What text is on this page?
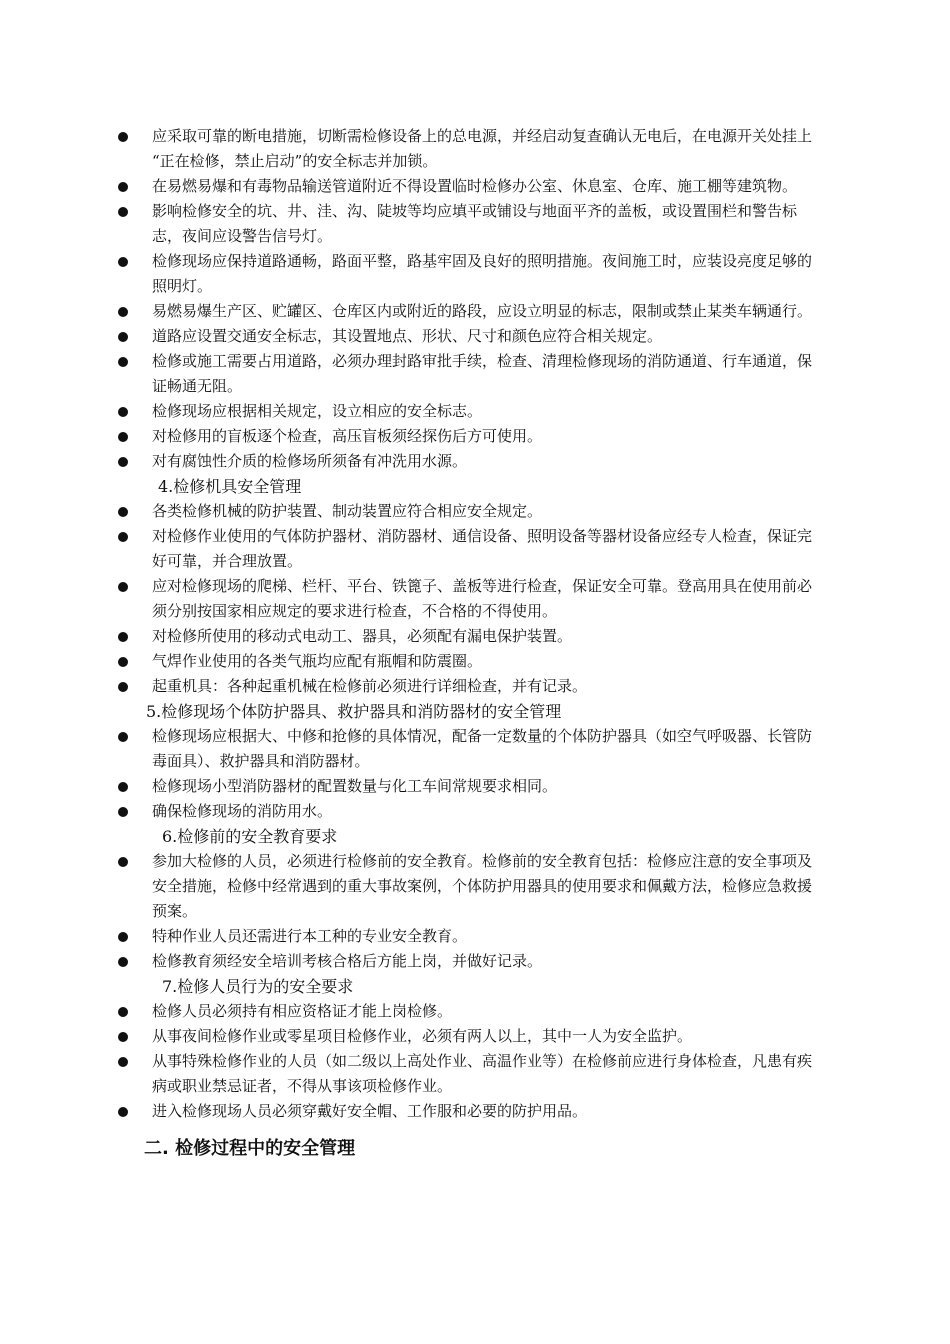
应采取可靠的断电措施，切断需检修设备上的总电源，并经启动复查确认无电后，在电源开关处挂上 “正在检修，禁止启动”的安全标志并加锁。
在易燃易爆和有毒物品输送管道附近不得设置临时检修办公室、休息室、仓库、施工棚等建筑物。
影响检修安全的坑、井、洼、沟、陡坡等均应填平或铺设与地面平齐的盖板，或设置围栏和警告标志，夜间应设警告信号灯。
检修现场应保持道路通畅，路面平整，路基牢固及良好的照明措施。夜间施工时，应装设亮度足够的照明灯。
易燃易爆生产区、贮罐区、仓库区内或附近的路段，应设立明显的标志，限制或禁止某类车辆通行。
道路应设置交通安全标志，其设置地点、形状、尺寸和颜色应符合相关规定。
检修或施工需要占用道路，必须办理封路审批手续，检查、清理检修现场的消防通道、行车通道，保证畅通无阻。
检修现场应根据相关规定，设立相应的安全标志。
对检修用的盲板逐个检查，高压盲板须经探伤后方可使用。
对有腐蚀性介质的检修场所须备有冲洗用水源。
4.检修机具安全管理
各类检修机械的防护装置、制动装置应符合相应安全规定。
对检修作业使用的气体防护器材、消防器材、通信设备、照明设备等器材设备应经专人检查，保证完好可靠，并合理放置。
应对检修现场的爬梯、栏杆、平台、铁篦子、盖板等进行检查，保证安全可靠。登高用具在使用前必须分别按国家相应规定的要求进行检查，不合格的不得使用。
对检修所使用的移动式电动工、器具，必须配有漏电保护装置。
气焊作业使用的各类气瓶均应配有瓶帽和防震圈。
起重机具：各种起重机械在检修前必须进行详细检查，并有记录。
5.检修现场个体防护器具、救护器具和消防器材的安全管理
检修现场应根据大、中修和抢修的具体情况，配备一定数量的个体防护器具（如空气呼吸器、长管防毒面具）、救护器具和消防器材。
检修现场小型消防器材的配置数量与化工车间常规要求相同。
确保检修现场的消防用水。
6.检修前的安全教育要求
参加大检修的人员，必须进行检修前的安全教育。检修前的安全教育包括：检修应注意的安全事项及安全措施，检修中经常遇到的重大事故案例，个体防护用器具的使用要求和佩戴方法，检修应急救援预案。
特种作业人员还需进行本工种的专业安全教育。
检修教育须经安全培训考核合格后方能上岗，并做好记录。
7.检修人员行为的安全要求
检修人员必须持有相应资格证才能上岗检修。
从事夜间检修作业或零星项目检修作业，必须有两人以上，其中一人为安全监护。
从事特殊检修作业的人员（如二级以上高处作业、高温作业等）在检修前应进行身体检查，凡患有疾病或职业禁忌证者，不得从事该项检修作业。
进入检修现场人员必须穿戴好安全帽、工作服和必要的防护用品。
二. 检修过程中的安全管理
